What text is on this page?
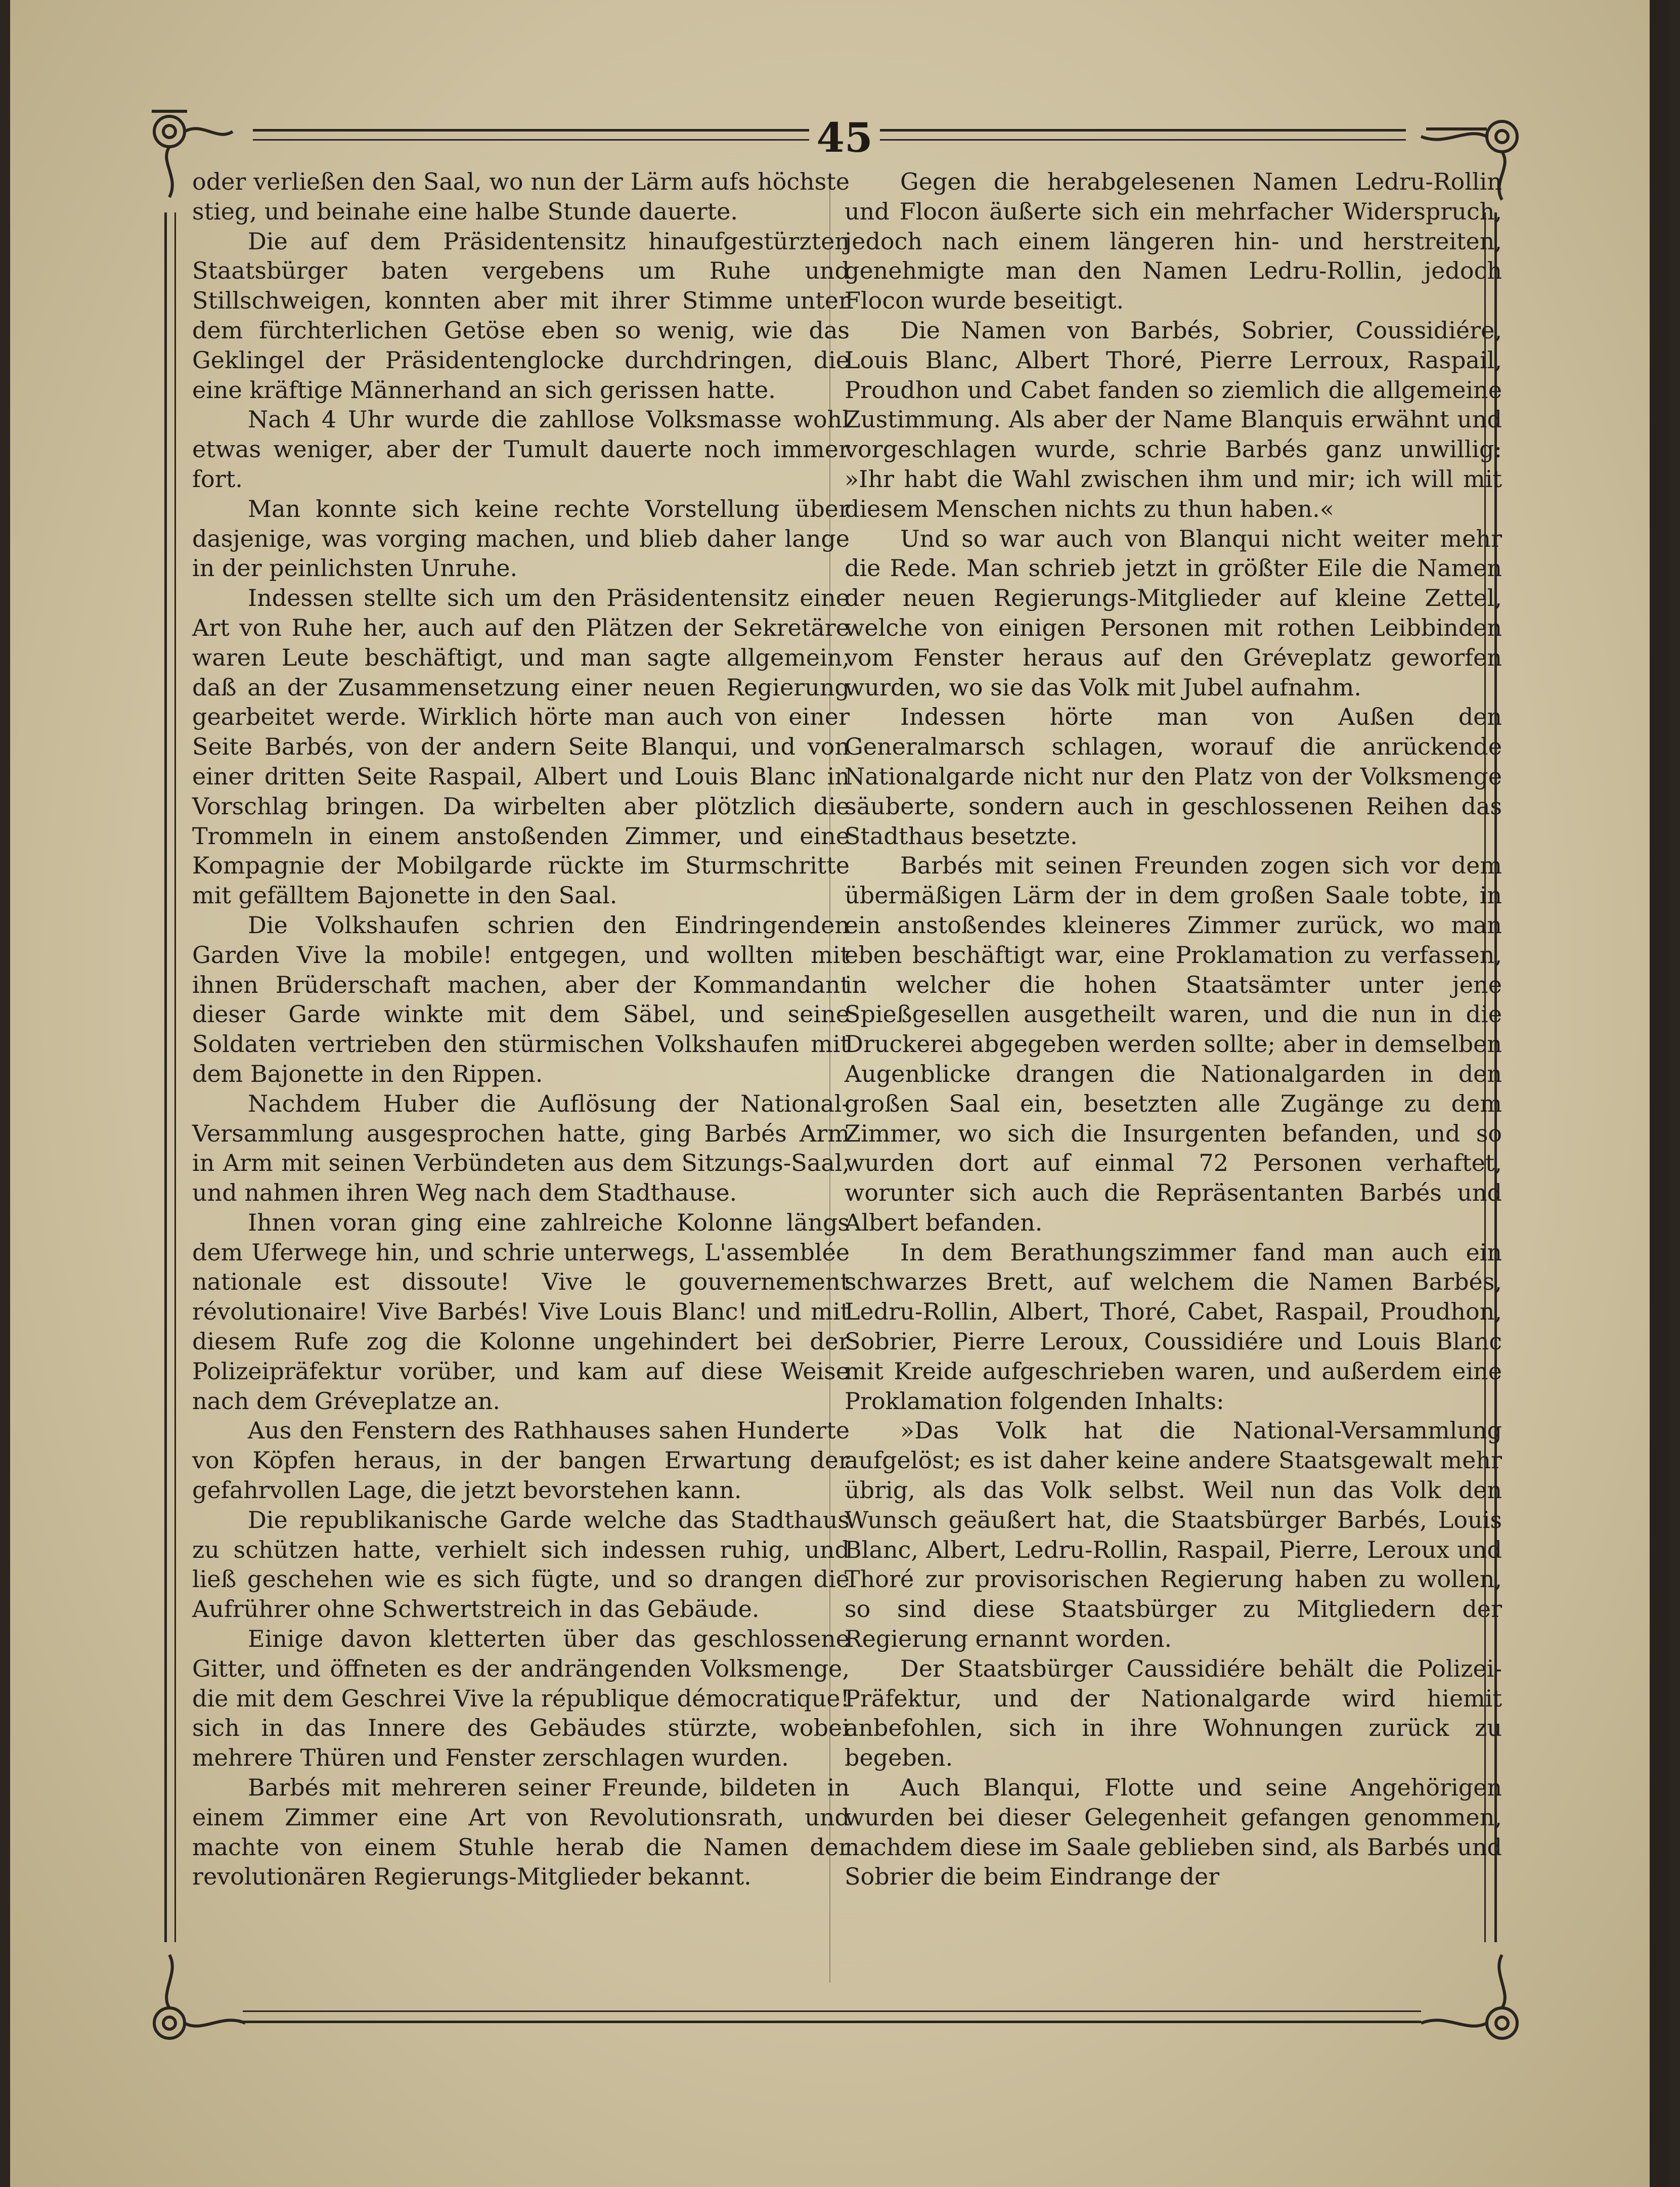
45

oder verließen den Saal, wo nun der Lärm aufs höchste stieg, und beinahe eine halbe Stunde dauerte.

Die auf dem Präsidentensitz hinaufgestürzten Staatsbürger baten vergebens um Ruhe und Stillschweigen, konnten aber mit ihrer Stimme unter dem fürchterlichen Getöse eben so wenig, wie das Geklingel der Präsidentenglocke durchdringen, die eine kräftige Männerhand an sich gerissen hatte.

Nach 4 Uhr wurde die zahllose Volksmasse wohl etwas weniger, aber der Tumult dauerte noch immer fort.

Man konnte sich keine rechte Vorstellung über dasjenige, was vorging machen, und blieb daher lange in der peinlichsten Unruhe.

Indessen stellte sich um den Präsidentensitz eine Art von Ruhe her, auch auf den Plätzen der Sekretäre waren Leute beschäftigt, und man sagte allgemein, daß an der Zusammensetzung einer neuen Regierung gearbeitet werde. Wirklich hörte man auch von einer Seite Barbés, von der andern Seite Blanqui, und von einer dritten Seite Raspail, Albert und Louis Blanc in Vorschlag bringen. Da wirbelten aber plötzlich die Trommeln in einem anstoßenden Zimmer, und eine Kompagnie der Mobilgarde rückte im Sturmschritte mit gefälltem Bajonette in den Saal.

Die Volkshaufen schrien den Eindringenden Garden Vive la mobile! entgegen, und wollten mit ihnen Brüderschaft machen, aber der Kommandant dieser Garde winkte mit dem Säbel, und seine Soldaten vertrieben den stürmischen Volkshaufen mit dem Bajonette in den Rippen.

Nachdem Huber die Auflösung der National-Versammlung ausgesprochen hatte, ging Barbés Arm in Arm mit seinen Verbündeten aus dem Sitzungs-Saal, und nahmen ihren Weg nach dem Stadthause.

Ihnen voran ging eine zahlreiche Kolonne längs dem Uferwege hin, und schrie unterwegs, L'assemblée nationale est dissoute! Vive le gouvernement révolutionaire! Vive Barbés! Vive Louis Blanc! und mit diesem Rufe zog die Kolonne ungehindert bei der Polizeipräfektur vorüber, und kam auf diese Weise nach dem Gréveplatze an.

Aus den Fenstern des Rathhauses sahen Hunderte von Köpfen heraus, in der bangen Erwartung der gefahrvollen Lage, die jetzt bevorstehen kann.

Die republikanische Garde welche das Stadthaus zu schützen hatte, verhielt sich indessen ruhig, und ließ geschehen wie es sich fügte, und so drangen die Aufrührer ohne Schwertstreich in das Gebäude.

Einige davon kletterten über das geschlossene Gitter, und öffneten es der andrängenden Volksmenge, die mit dem Geschrei Vive la république démocratique! sich in das Innere des Gebäudes stürzte, wobei mehrere Thüren und Fenster zerschlagen wurden.

Barbés mit mehreren seiner Freunde, bildeten in einem Zimmer eine Art von Revolutionsrath, und machte von einem Stuhle herab die Namen der revolutionären Regierungs-Mitglieder bekannt.

Gegen die herabgelesenen Namen Ledru-Rollin und Flocon äußerte sich ein mehrfacher Widerspruch, jedoch nach einem längeren hin- und herstreiten, genehmigte man den Namen Ledru-Rollin, jedoch Flocon wurde beseitigt.

Die Namen von Barbés, Sobrier, Coussidiére, Louis Blanc, Albert Thoré, Pierre Lerroux, Raspail, Proudhon und Cabet fanden so ziemlich die allgemeine Zustimmung. Als aber der Name Blanquis erwähnt und vorgeschlagen wurde, schrie Barbés ganz unwillig: »Ihr habt die Wahl zwischen ihm und mir; ich will mit diesem Menschen nichts zu thun haben.«

Und so war auch von Blanqui nicht weiter mehr die Rede. Man schrieb jetzt in größter Eile die Namen der neuen Regierungs-Mitglieder auf kleine Zettel, welche von einigen Personen mit rothen Leibbinden vom Fenster heraus auf den Gréveplatz geworfen wurden, wo sie das Volk mit Jubel aufnahm.

Indessen hörte man von Außen den Generalmarsch schlagen, worauf die anrückende Nationalgarde nicht nur den Platz von der Volksmenge säuberte, sondern auch in geschlossenen Reihen das Stadthaus besetzte.

Barbés mit seinen Freunden zogen sich vor dem übermäßigen Lärm der in dem großen Saale tobte, in ein anstoßendes kleineres Zimmer zurück, wo man eben beschäftigt war, eine Proklamation zu verfassen, in welcher die hohen Staatsämter unter jene Spießgesellen ausgetheilt waren, und die nun in die Druckerei abgegeben werden sollte; aber in demselben Augenblicke drangen die Nationalgarden in den großen Saal ein, besetzten alle Zugänge zu dem Zimmer, wo sich die Insurgenten befanden, und so wurden dort auf einmal 72 Personen verhaftet, worunter sich auch die Repräsentanten Barbés und Albert befanden.

In dem Berathungszimmer fand man auch ein schwarzes Brett, auf welchem die Namen Barbés, Ledru-Rollin, Albert, Thoré, Cabet, Raspail, Proudhon, Sobrier, Pierre Leroux, Coussidiére und Louis Blanc mit Kreide aufgeschrieben waren, und außerdem eine Proklamation folgenden Inhalts:

»Das Volk hat die National-Versammlung aufgelöst; es ist daher keine andere Staatsgewalt mehr übrig, als das Volk selbst. Weil nun das Volk den Wunsch geäußert hat, die Staatsbürger Barbés, Louis Blanc, Albert, Ledru-Rollin, Raspail, Pierre, Leroux und Thoré zur provisorischen Regierung haben zu wollen, so sind diese Staatsbürger zu Mitgliedern der Regierung ernannt worden.

Der Staatsbürger Caussidiére behält die Polizei-Präfektur, und der Nationalgarde wird hiemit anbefohlen, sich in ihre Wohnungen zurück zu begeben.

Auch Blanqui, Flotte und seine Angehörigen wurden bei dieser Gelegenheit gefangen genommen, nachdem diese im Saale geblieben sind, als Barbés und Sobrier die beim Eindrange der
